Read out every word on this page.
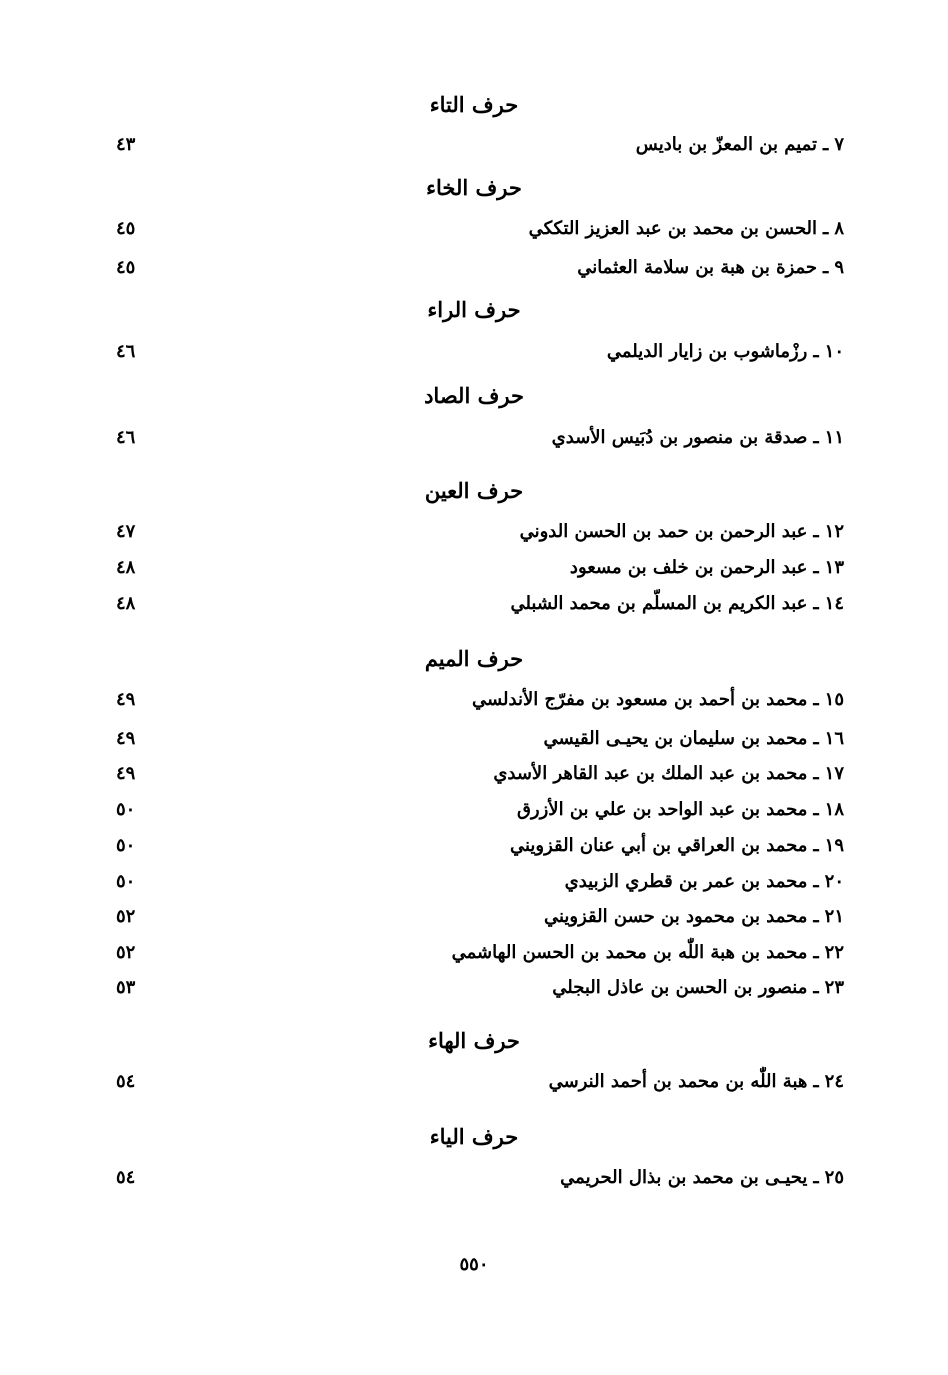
حرف التاء
٧
ـ
تميم بن المعزّ بن باديس
٤٣
حرف الخاء
٨
ـ
الحسن بن محمد بن عبد العزيز التككي
٤٥
٩
ـ
حمزة بن هبة بن سلامة العثماني
٤٥
حرف الراء
١٠
ـ
رزْماشوب بن زايار الديلمي
٤٦
حرف الصاد
١١
ـ
صدقة بن منصور بن دُبَيس الأسدي
٤٦
حرف العين
١٢
ـ
عبد الرحمن بن حمد بن الحسن الدوني
٤٧
١٣
ـ
عبد الرحمن بن خلف بن مسعود
٤٨
١٤
ـ
عبد الكريم بن المسلّم بن محمد الشبلي
٤٨
حرف الميم
١٥
ـ
محمد بن أحمد بن مسعود بن مفرّج الأندلسي
٤٩
١٦
ـ
محمد بن سليمان بن يحيـى القيسي
٤٩
١٧
ـ
محمد بن عبد الملك بن عبد القاهر الأسدي
٤٩
١٨
ـ
محمد بن عبد الواحد بن علي بن الأزرق
٥٠
١٩
ـ
محمد بن العراقي بن أبي عنان القزويني
٥٠
٢٠
ـ
محمد بن عمر بن قطري الزبيدي
٥٠
٢١
ـ
محمد بن محمود بن حسن القزويني
٥٢
٢٢
ـ
محمد بن هبة اللّٰه بن محمد بن الحسن الهاشمي
٥٢
٢٣
ـ
منصور بن الحسن بن عاذل البجلي
٥٣
حرف الهاء
٢٤
ـ
هبة اللّٰه بن محمد بن أحمد النرسي
٥٤
حرف الياء
٢٥
ـ
يحيـى بن محمد بن بذال الحريمي
٥٤
٥٥٠
